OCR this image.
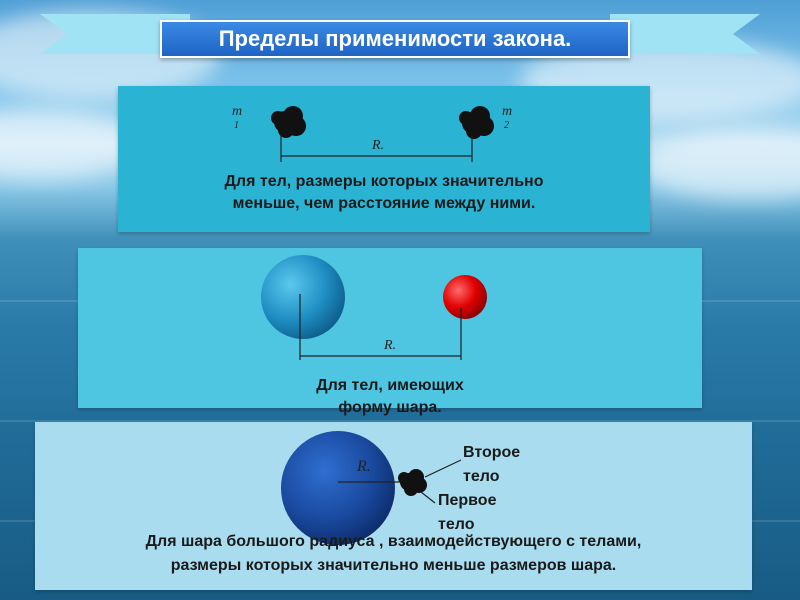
Пределы применимости закона.
m
1
m
2
R.
Для тел, размеры которых значительно
меньше, чем расстояние между ними.
R.
Для тел, имеющих
форму шара.
R.
Второе
тело
Первое
тело
Для шара большого радиуса , взаимодействующего с телами,
размеры которых значительно меньше размеров шара.
